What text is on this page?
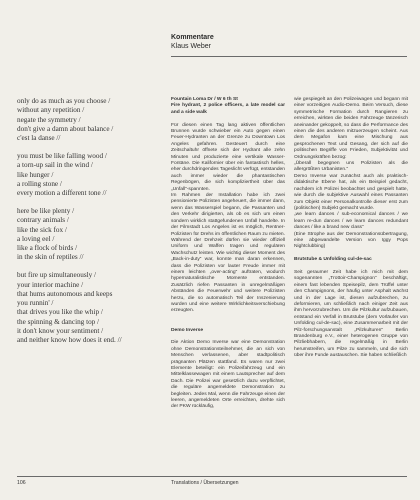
Kommentare
Klaus Weber
only do as much as you choose /
without any repetition /
negate the symmetry /
don't give a damn about balance /
c'est la danse //
you must be like falling wood /
a torn-up sail in the wind /
like hunger /
a rolling stone /
every motion a different tone //
here be like plenty /
contrary animals /
like the sick fox /
a loving eel /
like a flock of birds /
in the skin of reptiles //
but fire up simultaneously /
your interior machine /
that hums autonomous and keeps
you runnin' /
that drives you like the whip /
the spinning & dancing top /
it don't know your sentiment /
and neither know how does it end. //

Fountain Loma Dr / W 6 th St

Fire hydrant, 2 police officers, a late model car and a side walk

Für diesen einen Tag lang aktiven öffentlichen Brunnen wurde schwieber ein Auto gegen einen Feuer-Hydranten an der Grenze zu Downtown Los Angeles gefahren. Gesteuert durch eine Zeitschaltuhr öffnete sich der Hydrant alle zehn Minuten und produzierte eine vertikale Wasser-Fontäne. Die Kalifornier über ein fantastisch helles, eher durchdringendes Tageslicht verfügt, entstanden auch immer wieder die phantastischen Regenbögen, die sich kompliziertheit über das „Unfall“-spannten.

Im Rahmen der Installation habe ich zwei pensionierte Polizisten angeheuert, die immer dann, wenn das Wasserspiel begann, die Passanten und den Verkehr dirigierten, als ob es sich um einen sondern wirklich stattgefundenen Unfall handelte. In der Filmstadt Los Angeles ist es möglich, Rentner-Polizisten für Drehs im öffentlichen Raum zu mieten. Während der Drehzeit dürfen sie wieder offiziell Uniform und Waffen tragen und regulären Wachschutz leisten. Wie wichtig dieser Moment des „Back-in-duty“ war, konnte man daran erkennen, dass die Polizisten vor lauter Freude immer mit einem leichten „over-acting“ auftraten, wodurch hypernaturalistische Momente entstanden. Zusätzlich riefen Passanten in unregelmäßigen Abständen die Feuerwehr und weitere Polizisten herzu, die so automatisch Teil der Inszenierung wurden und eine weitere Wirklichkeitsverschiebung erzeugten.

Demo Inverse

Die Aktion Demo Inverse war eine Demonstration ohne Demonstrationsteilnehmer, die an sich von Menschen verlassenen, aber stadtpolitisch prägnanten Plätzen stattfand. Es waren nur zwei Elemente beteiligt: ein Polizeifahrzeug und ein Mittelklassewagen mit einem Lautsprecher auf dem Dach. Die Polizei war gesetzlich dazu verpflichtet, die reguläre angemeldete Demonstration zu begleiten. Jedes Mal, wenn die Fahrzeuge einen der leeren, angemeldeten Orte erreichten, drehte sich der PKW rückläufig,

wie gespiegelt an den Polizeiwagen und begann mit einer vorzeitigen Audio-Demo. Beim Versuch, diese symmetrische Formation durch Rangieren zu erreichen, wirkten die beiden Fahrzeuge tänzerisch aneinander gekoppelt, so dass die Performance des einen die des anderen mitzuerzeugen scheint. Aus dem Megafon kam eine Mischung aus gesprochenen Text und Gesang, der sich auf die politischen Begriffe von Frieden, Subjektivität und Ordnungskräften bezog:

„Überall begegnen uns Polizisten als die allergrößten Urbanisten.“

Demo Inverse war zunächst auch als praktisch-didaktische Ebene hat, als ein Beispiel gedacht, nachdem ich Polizei beobachtet und gespielt hatte, wie durch die subjektive Auswahl eines Passanten zum Objekt einer Personalkontrolle dieser erst zum (politischen) Subjekt gemacht wurde.

„we learn dances / sub-economical dances / we learn re-dun dances / we learn dances redundant dances / like a brand new class“

(Eine Strophe aus der Demonstrationsübertragung, eine abgewandelte Version von Iggy Pops Nightclubbing)

Brutstube & Unfolding cul-de-sac

Seit geraumer Zeit habe ich mich mit dem sogenannten „Trottoir-Champignon“ beschäftigt, einem fast lebenden Speisepilz, dem Trüffel unter den Champignons, der häufig unter Asphalt wächst und in der Lage ist, diesen aufzubrechen, zu deformieren, um schließlich nach einiger Zeit aus ihm hervorzubrechen. Um die Pilzkultur aufzubauen, entstand ein Verfall in Brutstube (dem Vorläufer von Unfolding cul-de-sac), eine Zusammenarbeit mit der Pilz-forschungsanstalt „Pilzkulturen“ Berlin Brandenburg e.V., einer heterogenen Gruppe von Pilzliebhabern, die regelmäßig in Berlin herumstreifen, um Pilze zu sammeln, und die sich über ihre Funde austauschen. Sie haben schließlich

106	Translations / Übersetzungen
